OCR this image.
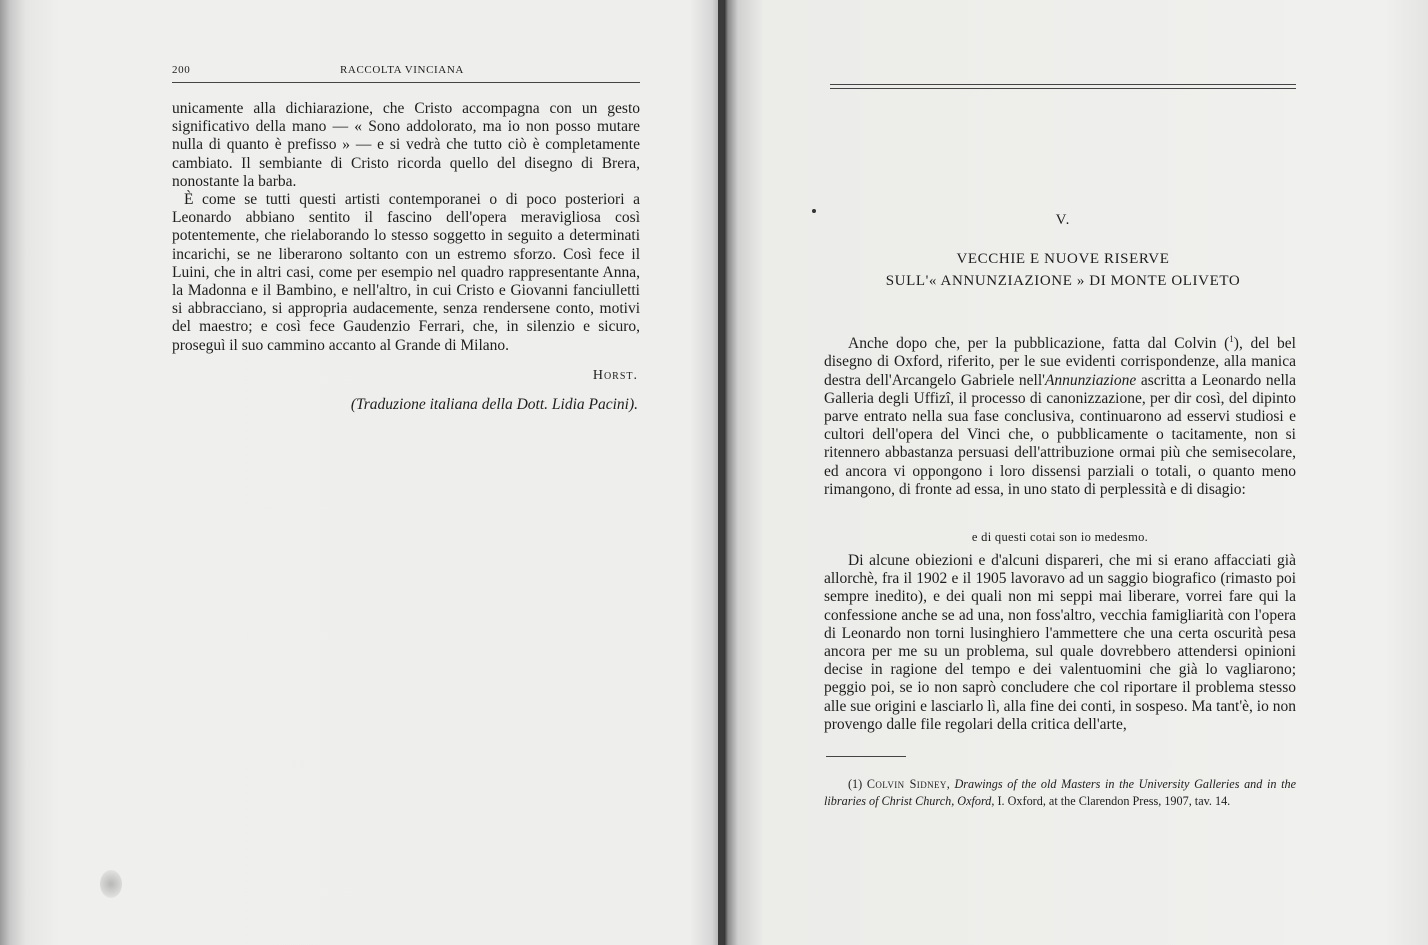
200	RACCOLTA VINCIANA

unicamente alla dichiarazione, che Cristo accompagna con un gesto significativo della mano — « Sono addolorato, ma io non posso mutare nulla di quanto è prefisso » — e si vedrà che tutto ciò è completamente cambiato. Il sembiante di Cristo ricorda quello del disegno di Brera, nonostante la barba.

È come se tutti questi artisti contemporanei o di poco posteriori a Leonardo abbiano sentito il fascino dell'opera meravigliosa così potentemente, che rielaborando lo stesso soggetto in seguito a determinati incarichi, se ne liberarono soltanto con un estremo sforzo. Così fece il Luini, che in altri casi, come per esempio nel quadro rappresentante Anna, la Madonna e il Bambino, e nell'altro, in cui Cristo e Giovanni fanciulletti si abbracciano, si appropria audacemente, senza rendersene conto, motivi del maestro; e così fece Gaudenzio Ferrari, che, in silenzio e sicuro, proseguì il suo cammino accanto al Grande di Milano.

Horst.
(Traduzione italiana della Dott. Lidia Pacini).
V.
VECCHIE E NUOVE RISERVE
SULL'« ANNUNZIAZIONE » DI MONTE OLIVETO

Anche dopo che, per la pubblicazione, fatta dal Colvin ($^1$), del bel disegno di Oxford, riferito, per le sue evidenti corrispondenze, alla manica destra dell'Arcangelo Gabriele nell'Annunziazione ascritta a Leonardo nella Galleria degli Uffizî, il processo di canonizzazione, per dir così, del dipinto parve entrato nella sua fase conclusiva, continuarono ad esservi studiosi e cultori dell'opera del Vinci che, o pubblicamente o tacitamente, non si ritennero abbastanza persuasi dell'attribuzione ormai più che semisecolare, ed ancora vi oppongono i loro dissensi parziali o totali, o quanto meno rimangono, di fronte ad essa, in uno stato di perplessità e di disagio:

e di questi cotai son io medesmo.

Di alcune obiezioni e d'alcuni dispareri, che mi si erano affacciati già allorchè, fra il 1902 e il 1905 lavoravo ad un saggio biografico (rimasto poi sempre inedito), e dei quali non mi seppi mai liberare, vorrei fare qui la confessione anche se ad una, non foss'altro, vecchia famigliarità con l'opera di Leonardo non torni lusinghiero l'ammettere che una certa oscurità pesa ancora per me su un problema, sul quale dovrebbero attendersi opinioni decise in ragione del tempo e dei valentuomini che già lo vagliarono; peggio poi, se io non saprò concludere che col riportare il problema stesso alle sue origini e lasciarlo lì, alla fine dei conti, in sospeso. Ma tant'è, io non provengo dalle file regolari della critica dell'arte,

(1) Colvin Sidney, Drawings of the old Masters in the University Galleries and in the libraries of Christ Church, Oxford, I. Oxford, at the Clarendon Press, 1907, tav. 14.
